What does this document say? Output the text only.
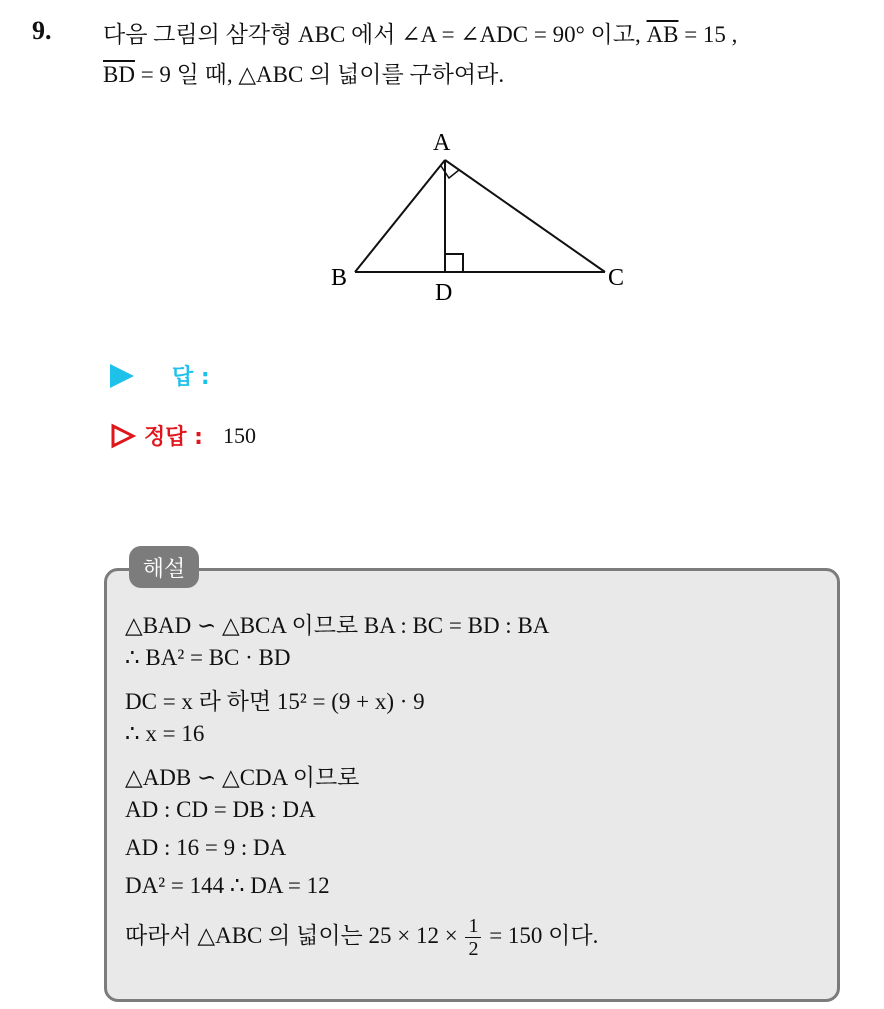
9. 다음 그림의 삼각형 ABC 에서 ∠A = ∠ADC = 90° 이고, $\overline{AB} = 15$ ,
$\overline{BD} = 9$ 일 때, △ABC 의 넓이를 구하여라.
A
B	C
D
답 :
정답 : 150
해설
△BAD ∽ △BCA 이므로 BA : BC = BD : BA
∴ BA² = BC · BD
DC = x 라 하면 15² = (9 + x) · 9
∴ x = 16
△ADB ∽ △CDA 이므로
AD : CD = DB : DA
AD : 16 = 9 : DA
DA² = 144 ∴ DA = 12
따라서 △ABC 의 넓이는 $25 \times 12 \times \frac{1}{2} = 150$ 이다.
